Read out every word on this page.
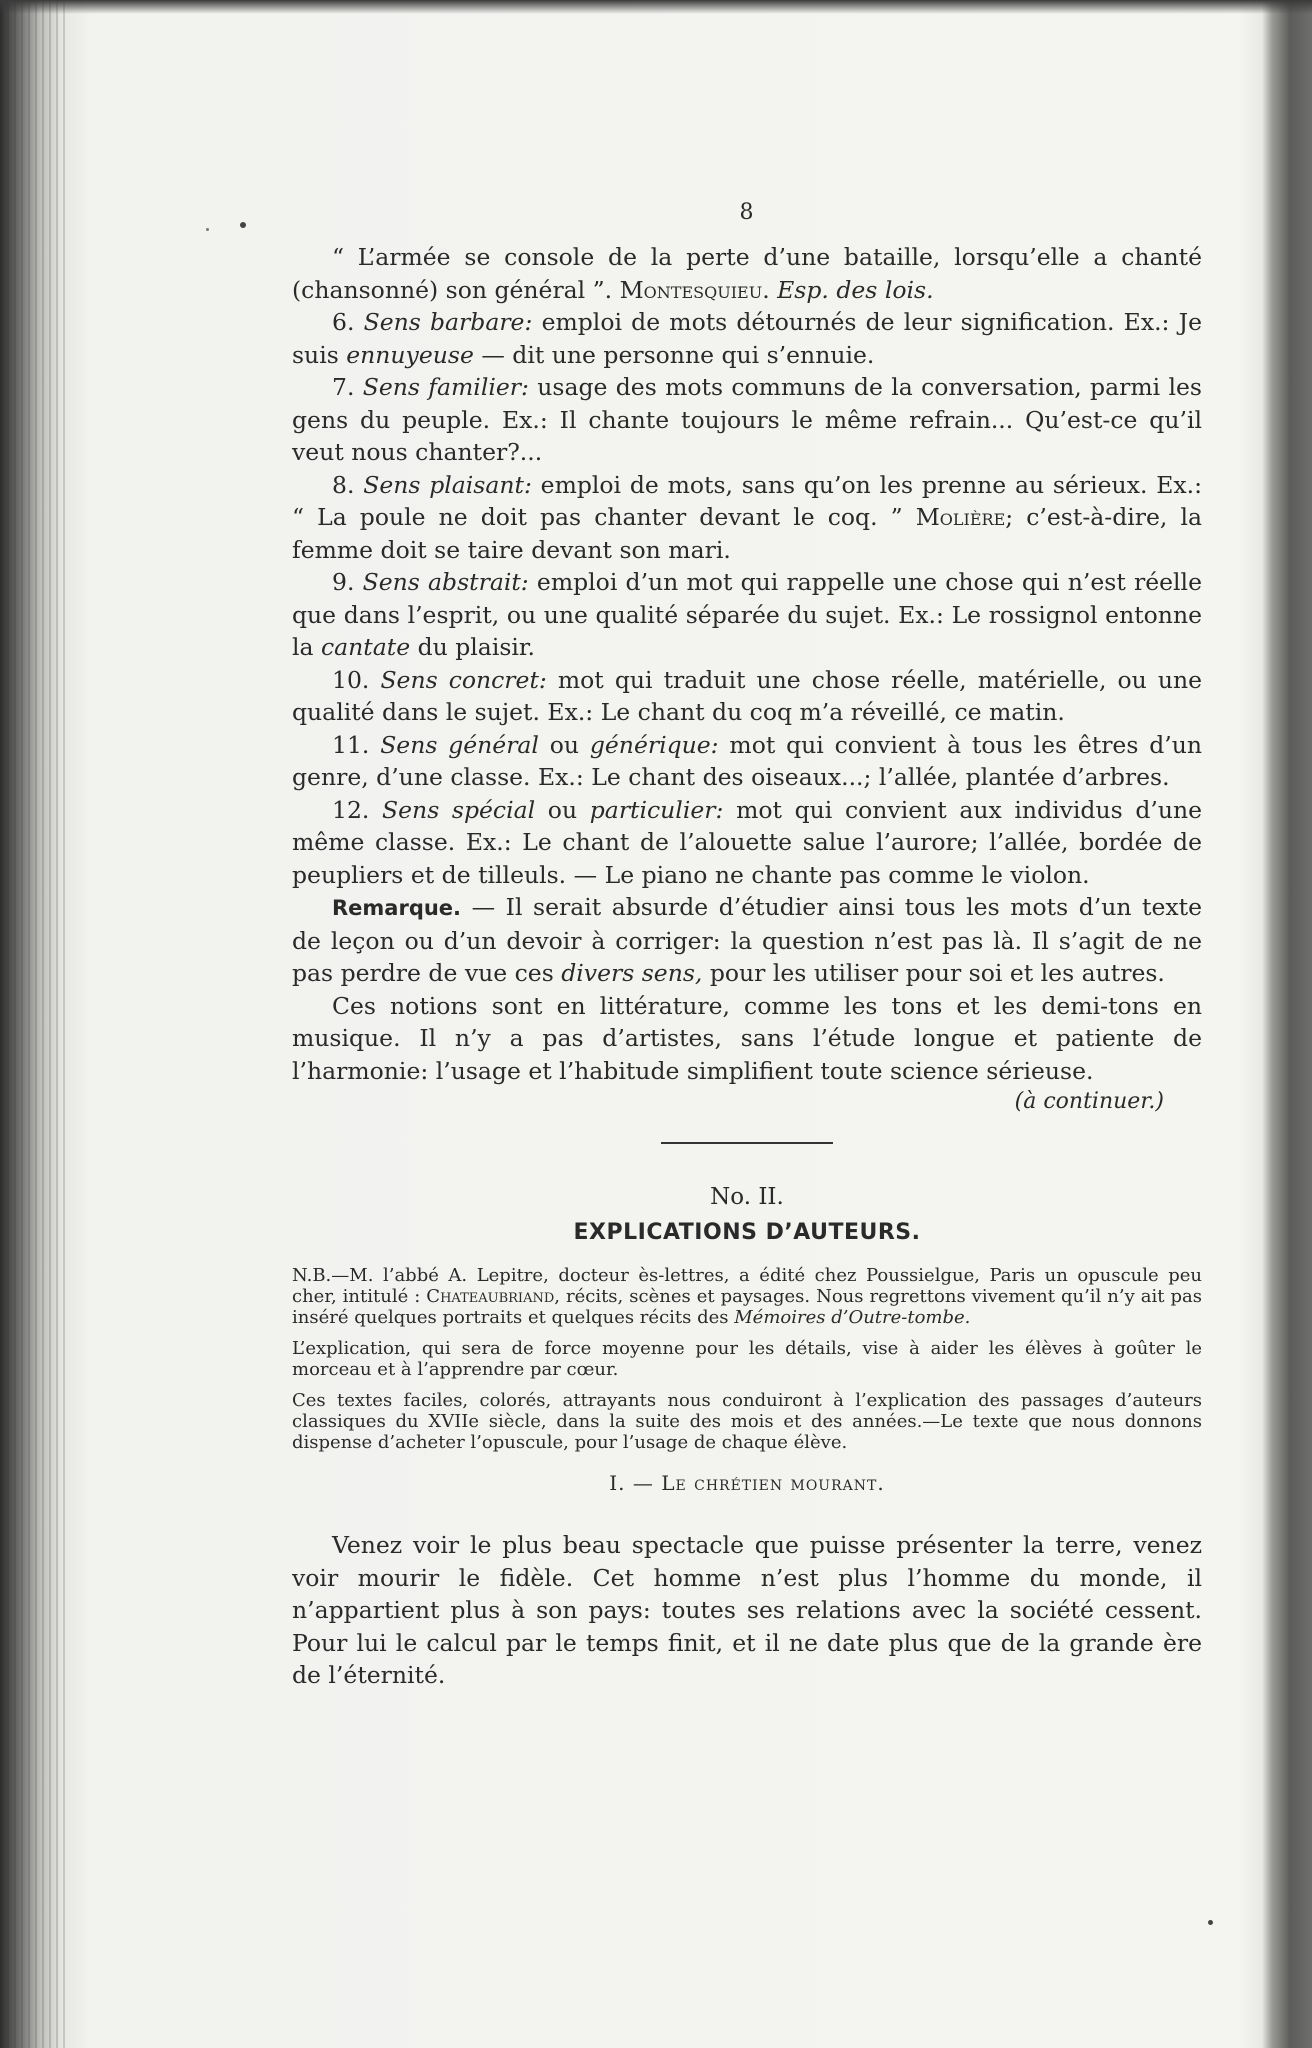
8

“ L’armée se console de la perte d’une bataille, lorsqu’elle a chanté (chansonné) son général ”. Montesquieu. Esp. des lois.

6. Sens barbare: emploi de mots détournés de leur signification. Ex.: Je suis ennuyeuse — dit une personne qui s’ennuie.

7. Sens familier: usage des mots communs de la conversation, parmi les gens du peuple. Ex.: Il chante toujours le même refrain... Qu’est-ce qu’il veut nous chanter?...

8. Sens plaisant: emploi de mots, sans qu’on les prenne au sérieux. Ex.: “ La poule ne doit pas chanter devant le coq. ” Molière; c’est-à-dire, la femme doit se taire devant son mari.

9. Sens abstrait: emploi d’un mot qui rappelle une chose qui n’est réelle que dans l’esprit, ou une qualité séparée du sujet. Ex.: Le rossignol entonne la cantate du plaisir.

10. Sens concret: mot qui traduit une chose réelle, matérielle, ou une qualité dans le sujet. Ex.: Le chant du coq m’a réveillé, ce matin.

11. Sens général ou générique: mot qui convient à tous les êtres d’un genre, d’une classe. Ex.: Le chant des oiseaux...; l’allée, plantée d’arbres.

12. Sens spécial ou particulier: mot qui convient aux individus d’une même classe. Ex.: Le chant de l’alouette salue l’aurore; l’allée, bordée de peupliers et de tilleuls. — Le piano ne chante pas comme le violon.

Remarque. — Il serait absurde d’étudier ainsi tous les mots d’un texte de leçon ou d’un devoir à corriger: la question n’est pas là. Il s’agit de ne pas perdre de vue ces divers sens, pour les utiliser pour soi et les autres.

Ces notions sont en littérature, comme les tons et les demi-tons en musique. Il n’y a pas d’artistes, sans l’étude longue et patiente de l’harmonie: l’usage et l’habitude simplifient toute science sérieuse.

(à continuer.)
No. II.
EXPLICATIONS D’AUTEURS.

N.B.—M. l’abbé A. Lepitre, docteur ès-lettres, a édité chez Poussielgue, Paris un opuscule peu cher, intitulé : Chateaubriand, récits, scènes et paysages. Nous regrettons vivement qu’il n’y ait pas inséré quelques portraits et quelques récits des Mémoires d’Outre-tombe.

L’explication, qui sera de force moyenne pour les détails, vise à aider les élèves à goûter le morceau et à l’apprendre par cœur.

Ces textes faciles, colorés, attrayants nous conduiront à l’explication des passages d’auteurs classiques du XVIIe siècle, dans la suite des mois et des années.—Le texte que nous donnons dispense d’acheter l’opuscule, pour l’usage de chaque élève.

I. — Le chrétien mourant.

Venez voir le plus beau spectacle que puisse présenter la terre, venez voir mourir le fidèle. Cet homme n’est plus l’homme du monde, il n’appartient plus à son pays: toutes ses relations avec la société cessent. Pour lui le calcul par le temps finit, et il ne date plus que de la grande ère de l’éternité.
